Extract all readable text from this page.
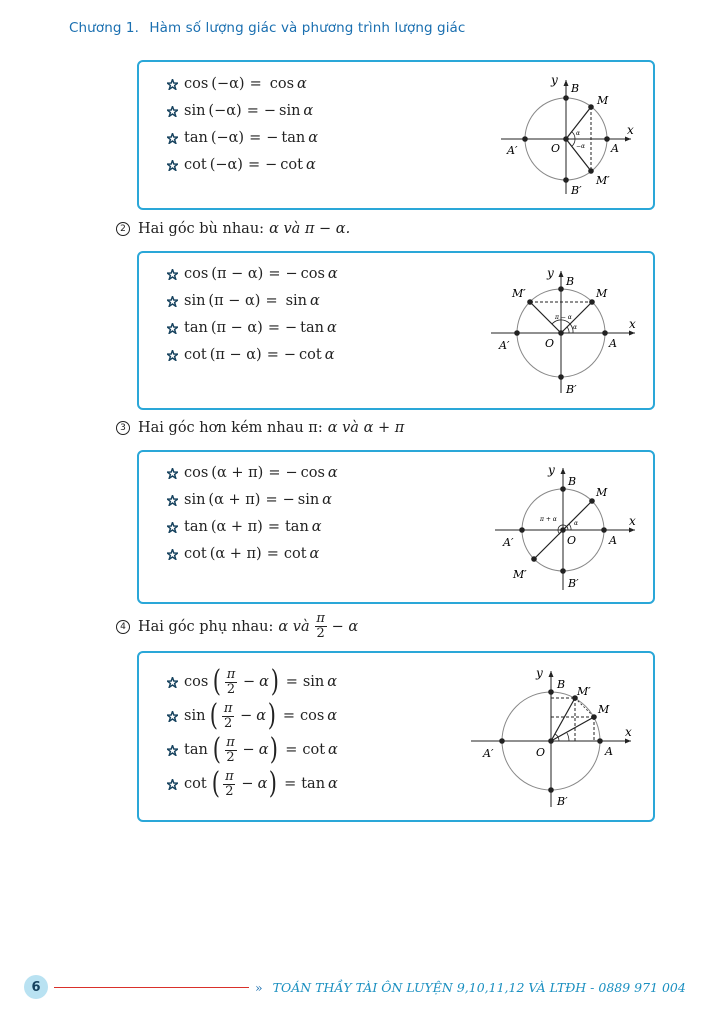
Chương 1. Hàm số lượng giác và phương trình lượng giác
cos (−α) = cos α
sin (−α) = − sin α
tan (−α) = − tan α
cot (−α) = − cot α
y
x
B
B′
A
A′	O
M
M′
α
−α
2 Hai góc bù nhau: α và π − α.
cos (π − α) = − cos α
sin (π − α) = sin α
tan (π − α) = − tan α
cot (π − α) = − cot α
y
x
B
B′
A
A′	O
M
M′
α
π − α
3 Hai góc hơn kém nhau π: α và α + π
cos (α + π) = − cos α
sin (α + π) = − sin α
tan (α + π) = tan α
cot (α + π) = cot α
y
x
B
B′
A
A′	O
M
M′
α
π + α
4 Hai góc phụ nhau: α và $\frac{\pi}{2} - \alpha$
cos ( $\frac{\pi}{2} - \alpha$ ) = sin α
sin ( $\frac{\pi}{2} - \alpha$ ) = cos α
tan ( $\frac{\pi}{2} - \alpha$ ) = cot α
cot ( $\frac{\pi}{2} - \alpha$ ) = tan α
y
x
B
B′
A
A′	O
M
M′
6	» TOÁN THẦY TÀI ÔN LUYỆN 9,10,11,12 VÀ LTĐH - 0889 971 004
